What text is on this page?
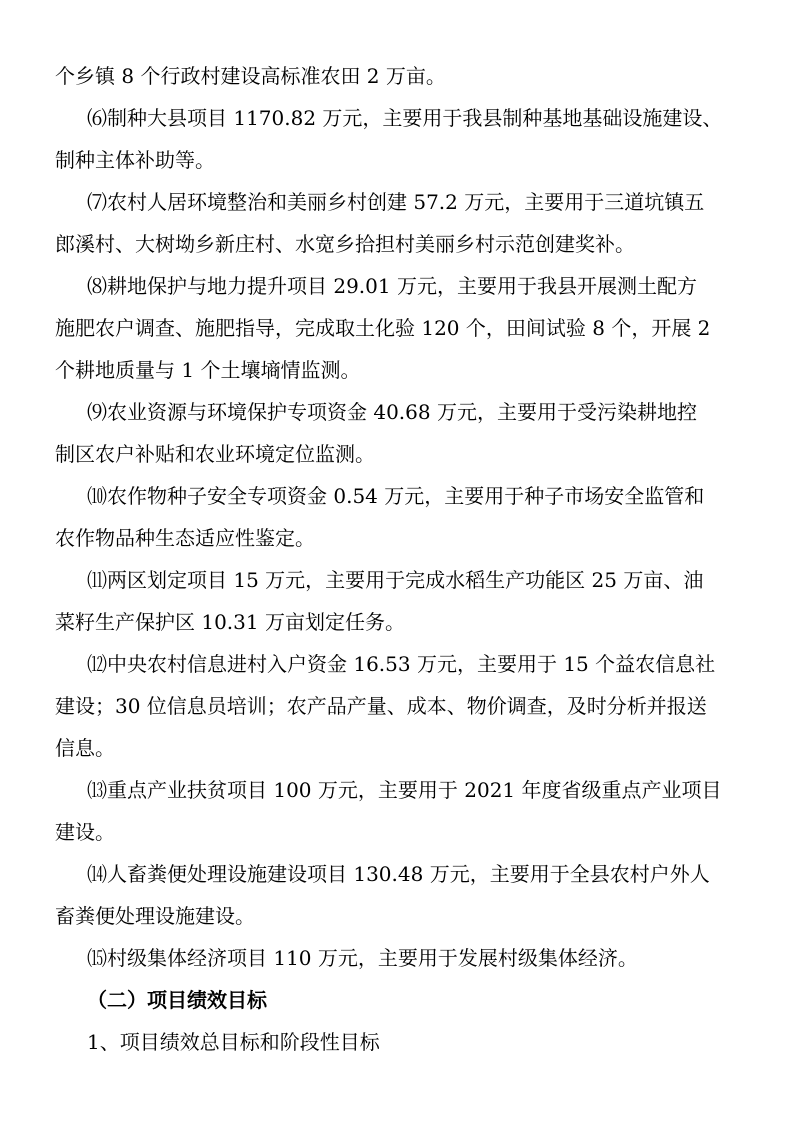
个乡镇 8 个行政村建设高标准农田 2 万亩。

⑹制种大县项目 1170.82 万元，主要用于我县制种基地基础设施建设、

制种主体补助等。

⑺农村人居环境整治和美丽乡村创建 57.2 万元，主要用于三道坑镇五

郎溪村、大树坳乡新庄村、水宽乡拾担村美丽乡村示范创建奖补。

⑻耕地保护与地力提升项目 29.01 万元，主要用于我县开展测土配方

施肥农户调查、施肥指导，完成取土化验 120 个，田间试验 8 个，开展 2

个耕地质量与 1 个土壤墒情监测。

⑼农业资源与环境保护专项资金 40.68 万元，主要用于受污染耕地控

制区农户补贴和农业环境定位监测。

⑽农作物种子安全专项资金 0.54 万元，主要用于种子市场安全监管和

农作物品种生态适应性鉴定。

⑾两区划定项目 15 万元，主要用于完成水稻生产功能区 25 万亩、油

菜籽生产保护区 10.31 万亩划定任务。

⑿中央农村信息进村入户资金 16.53 万元，主要用于 15 个益农信息社

建设；30 位信息员培训；农产品产量、成本、物价调查，及时分析并报送

信息。

⒀重点产业扶贫项目 100 万元，主要用于 2021 年度省级重点产业项目

建设。

⒁人畜粪便处理设施建设项目 130.48 万元，主要用于全县农村户外人

畜粪便处理设施建设。

⒂村级集体经济项目 110 万元，主要用于发展村级集体经济。

（二）项目绩效目标

1、项目绩效总目标和阶段性目标
